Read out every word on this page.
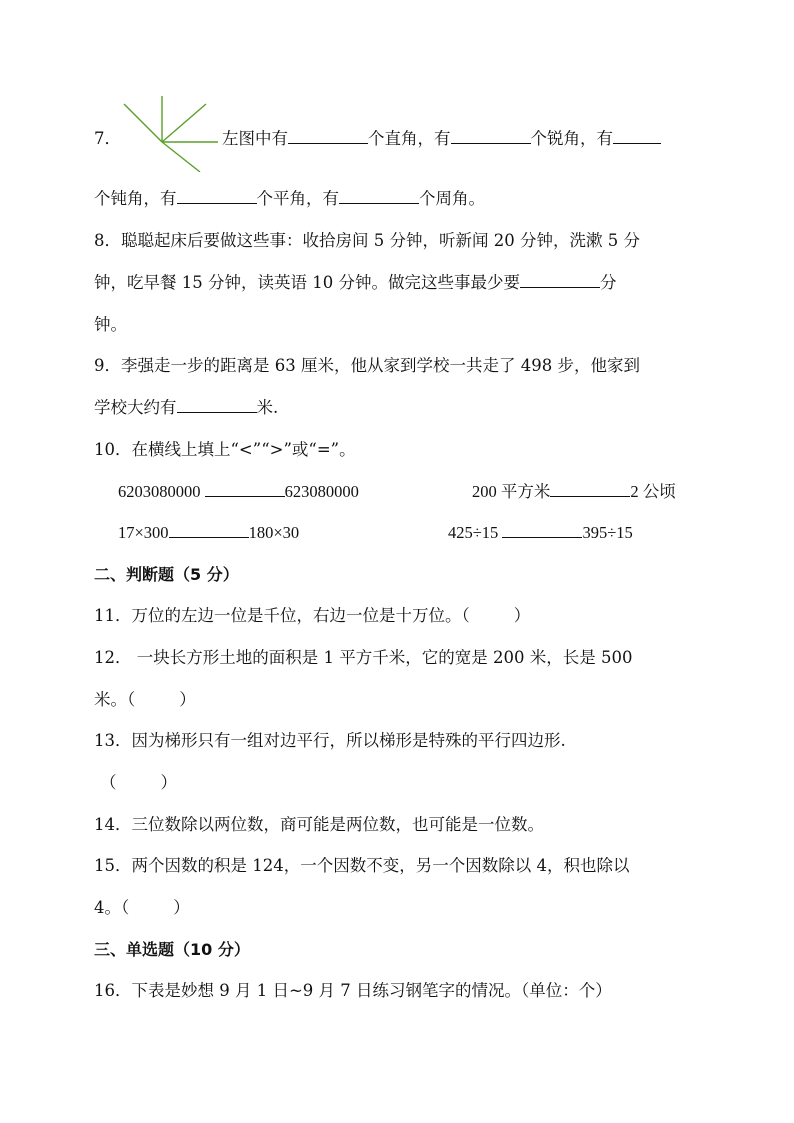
7．	左图中有	个直角，有	个锐角，有
个钝角，有	个平角，有	个周角。
8．聪聪起床后要做这些事：收拾房间 5 分钟，听新闻 20 分钟，洗漱 5 分
钟，吃早餐 15 分钟，读英语 10 分钟。做完这些事最少要	分
钟。
9．李强走一步的距离是 63 厘米，他从家到学校一共走了 498 步，他家到
学校大约有	米.
10．在横线上填上“<”“>”或“=”。
6203080000	623080000	200 平方米	2 公顷
17×300	180×30	425÷15	395÷15
二、判断题（5 分）
11．万位的左边一位是千位，右边一位是十万位。（	）
12． 一块长方形土地的面积是 1 平方千米，它的宽是 200 米，长是 500
米。（	）
13．因为梯形只有一组对边平行，所以梯形是特殊的平行四边形.
（	）
14．三位数除以两位数，商可能是两位数，也可能是一位数。
15．两个因数的积是 124，一个因数不变，另一个因数除以 4，积也除以
4。（	）
三、单选题（10 分）
16．下表是妙想 9 月 1 日~9 月 7 日练习钢笔字的情况。（单位：个）
